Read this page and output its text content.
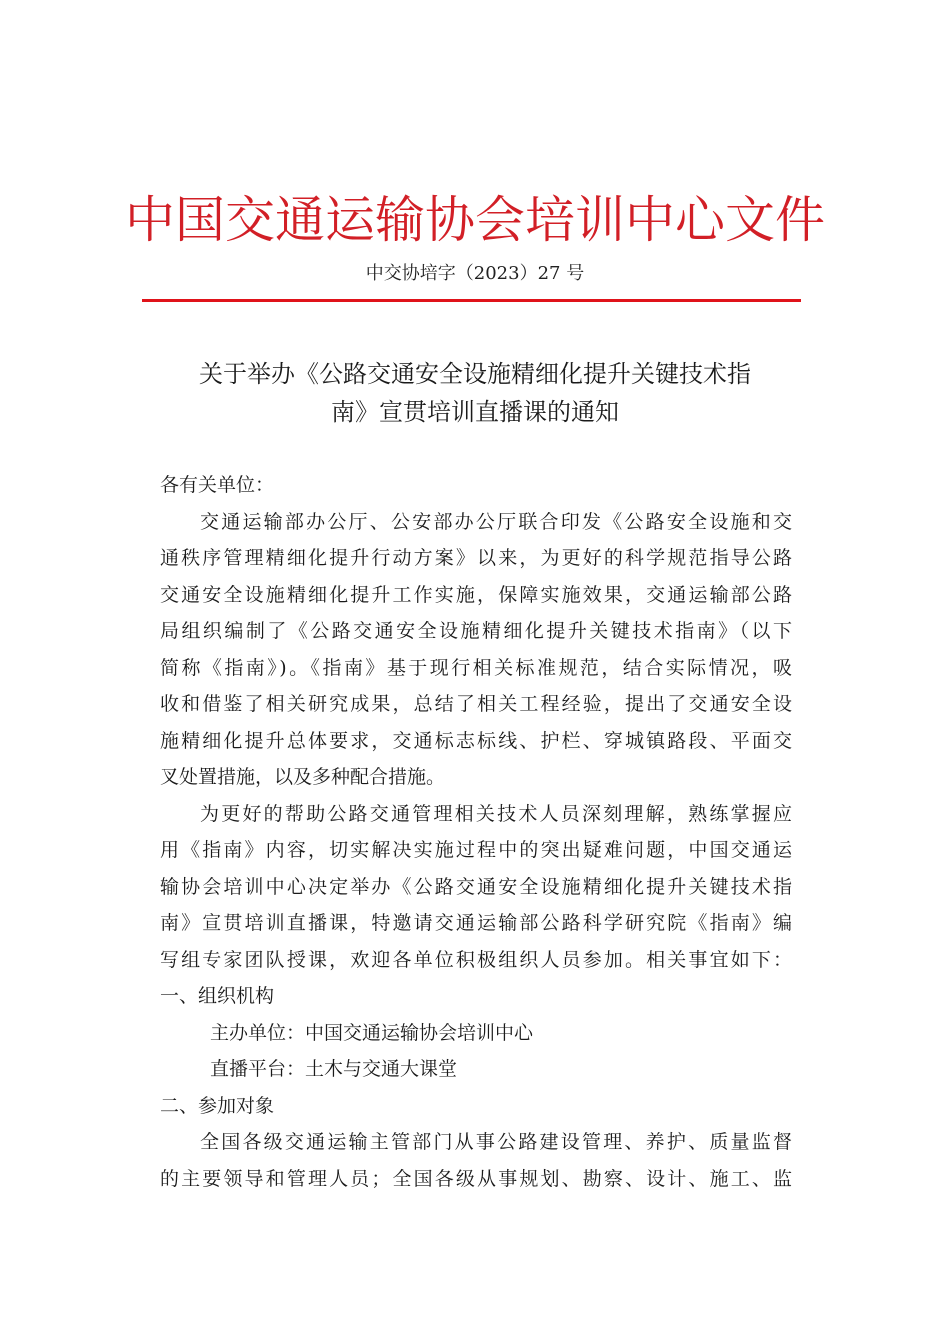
中国交通运输协会培训中心文件
中交协培字（2023）27 号
关于举办《公路交通安全设施精细化提升关键技术指
南》宣贯培训直播课的通知
各有关单位：
交通运输部办公厅、公安部办公厅联合印发《公路安全设施和交
通秩序管理精细化提升行动方案》以来，为更好的科学规范指导公路
交通安全设施精细化提升工作实施，保障实施效果，交通运输部公路
局组织编制了《公路交通安全设施精细化提升关键技术指南》（以下
简称《指南》)。《指南》基于现行相关标准规范，结合实际情况，吸
收和借鉴了相关研究成果，总结了相关工程经验，提出了交通安全设
施精细化提升总体要求，交通标志标线、护栏、穿城镇路段、平面交
叉处置措施，以及多种配合措施。
为更好的帮助公路交通管理相关技术人员深刻理解，熟练掌握应
用《指南》内容，切实解决实施过程中的突出疑难问题，中国交通运
输协会培训中心决定举办《公路交通安全设施精细化提升关键技术指
南》宣贯培训直播课，特邀请交通运输部公路科学研究院《指南》编
写组专家团队授课，欢迎各单位积极组织人员参加。相关事宜如下：
一、组织机构
主办单位：中国交通运输协会培训中心
直播平台：土木与交通大课堂
二、参加对象
全国各级交通运输主管部门从事公路建设管理、养护、质量监督
的主要领导和管理人员；全国各级从事规划、勘察、设计、施工、监
